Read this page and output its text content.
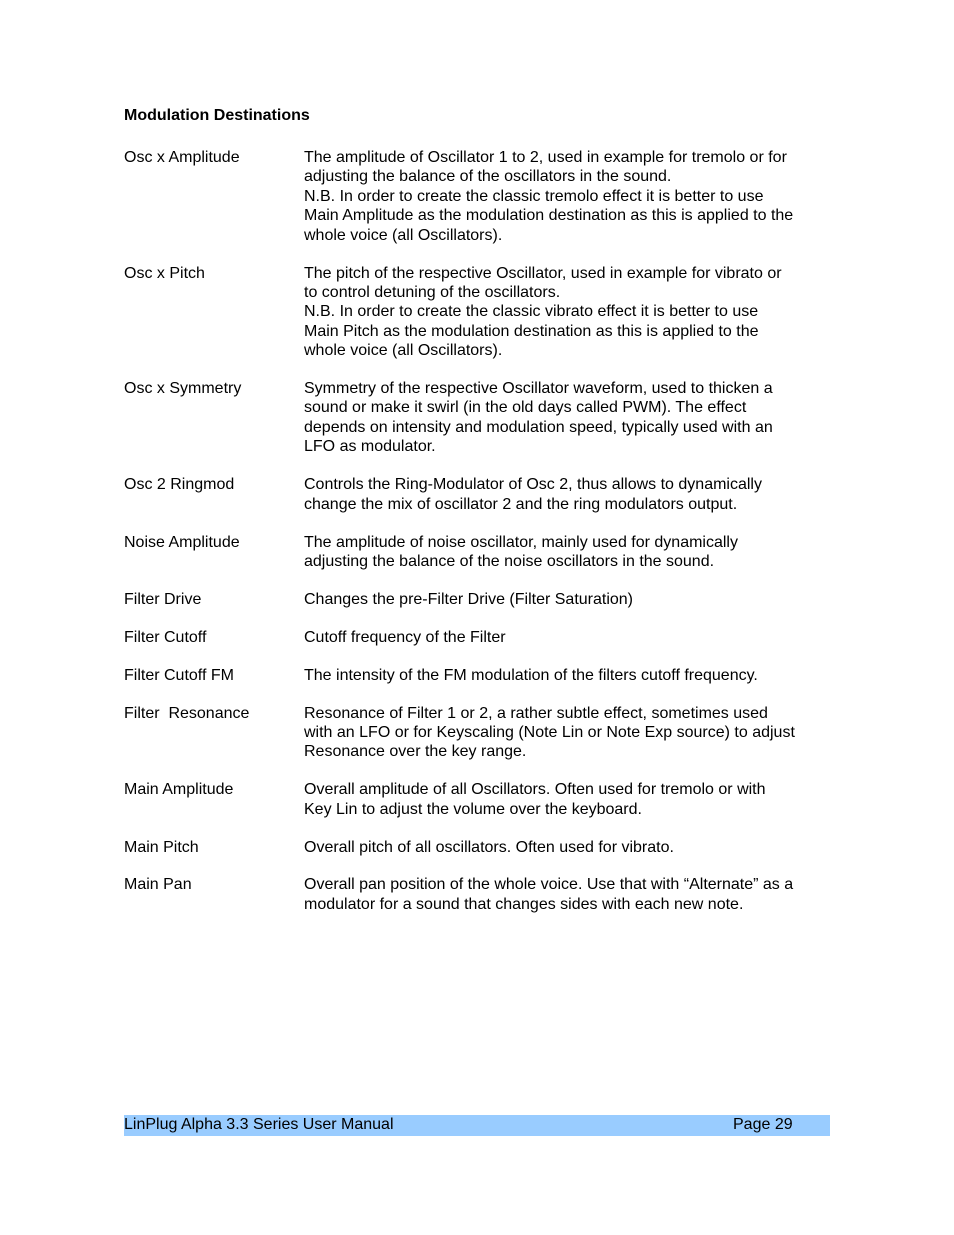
Modulation Destinations
Osc x Amplitude	The amplitude of Oscillator 1 to 2, used in example for tremolo or for
adjusting the balance of the oscillators in the sound.
N.B. In order to create the classic tremolo effect it is better to use
Main Amplitude as the modulation destination as this is applied to the
whole voice (all Oscillators).
Osc x Pitch	The pitch of the respective Oscillator, used in example for vibrato or
to control detuning of the oscillators.
N.B. In order to create the classic vibrato effect it is better to use
Main Pitch as the modulation destination as this is applied to the
whole voice (all Oscillators).
Osc x Symmetry	Symmetry of the respective Oscillator waveform, used to thicken a
sound or make it swirl (in the old days called PWM). The effect
depends on intensity and modulation speed, typically used with an
LFO as modulator.
Osc 2 Ringmod	Controls the Ring-Modulator of Osc 2, thus allows to dynamically
change the mix of oscillator 2 and the ring modulators output.
Noise Amplitude	The amplitude of noise oscillator, mainly used for dynamically
adjusting the balance of the noise oscillators in the sound.
Filter Drive	Changes the pre-Filter Drive (Filter Saturation)
Filter Cutoff	Cutoff frequency of the Filter
Filter Cutoff FM	The intensity of the FM modulation of the filters cutoff frequency.
Filter  Resonance	Resonance of Filter 1 or 2, a rather subtle effect, sometimes used
with an LFO or for Keyscaling (Note Lin or Note Exp source) to adjust
Resonance over the key range.
Main Amplitude	Overall amplitude of all Oscillators. Often used for tremolo or with
Key Lin to adjust the volume over the keyboard.
Main Pitch	Overall pitch of all oscillators. Often used for vibrato.
Main Pan	Overall pan position of the whole voice. Use that with “Alternate” as a
modulator for a sound that changes sides with each new note.
LinPlug Alpha 3.3 Series User Manual	Page 29
